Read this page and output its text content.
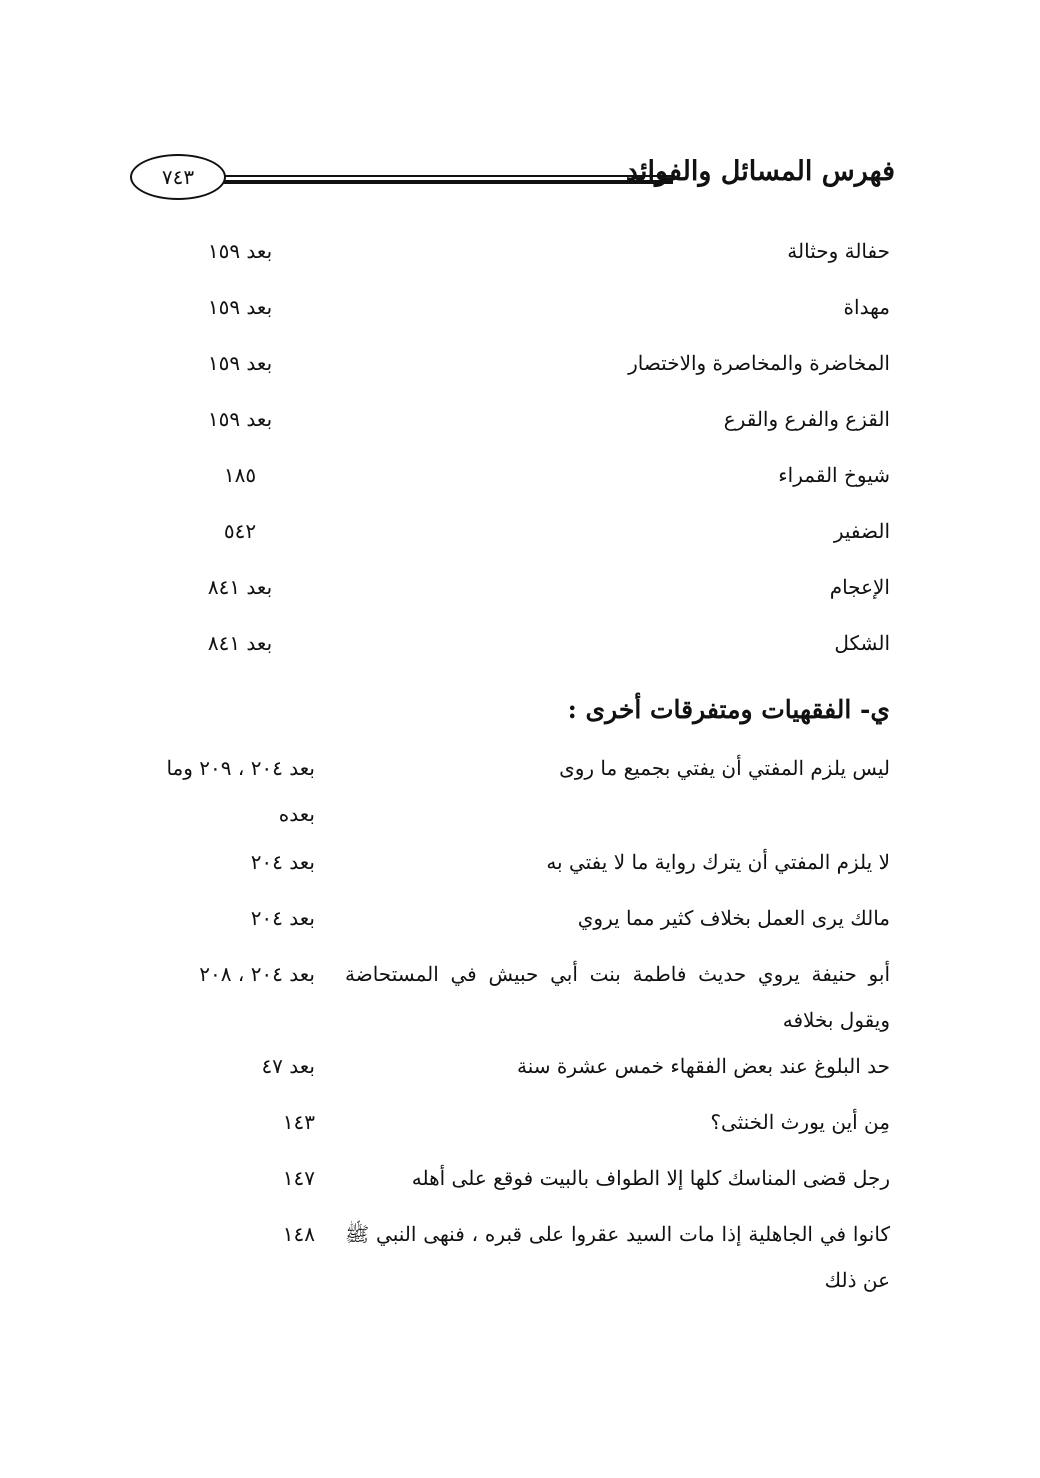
فهرس المسائل والفوائد
٧٤٣
حفالة وحثالة
بعد ١٥٩
مهداة
بعد ١٥٩
المخاضرة والمخاصرة والاختصار
بعد ١٥٩
القزع والفرع والقرع
بعد ١٥٩
شيوخ القمراء
١٨٥
الضفير
٥٤٢
الإعجام
بعد ٨٤١
الشكل
بعد ٨٤١
ي- الفقهيات ومتفرقات أخرى :
ليس يلزم المفتي أن يفتي بجميع ما روى
بعد ٢٠٤ ، ٢٠٩ وما بعده
لا يلزم المفتي أن يترك رواية ما لا يفتي به
بعد ٢٠٤
مالك يرى العمل بخلاف كثير مما يروي
بعد ٢٠٤
أبو حنيفة يروي حديث فاطمة بنت أبي حبيش في المستحاضة ويقول بخلافه
بعد ٢٠٤ ، ٢٠٨
حد البلوغ عند بعض الفقهاء خمس عشرة سنة
بعد ٤٧
مِن أين يورث الخنثى؟
١٤٣
رجل قضى المناسك كلها إلا الطواف بالبيت فوقع على أهله
١٤٧
كانوا في الجاهلية إذا مات السيد عقروا على قبره ، فنهى النبي ﷺ عن ذلك
١٤٨
